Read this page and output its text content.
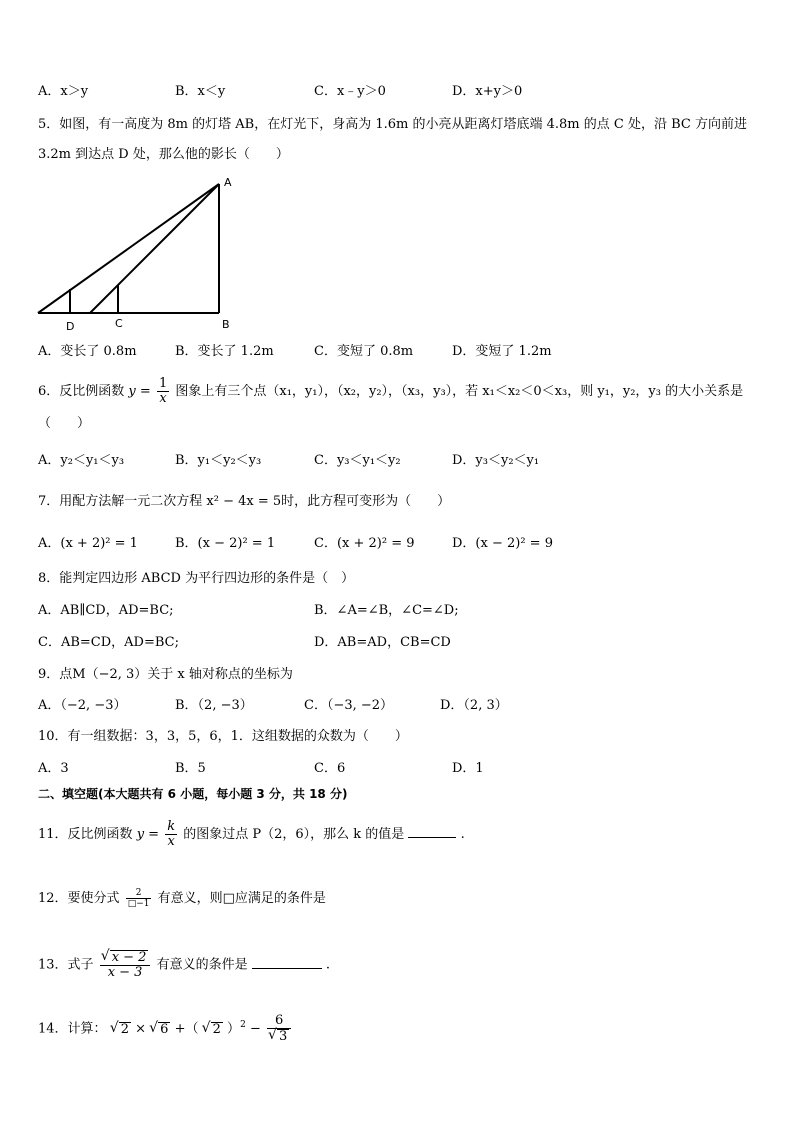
A．x＞y	B．x＜y	C．x﹣y＞0	D．x+y＞0
5．如图，有一高度为 8m 的灯塔 AB，在灯光下，身高为 1.6m 的小亮从距离灯塔底端 4.8m 的点 C 处，沿 BC 方向前进
3.2m 到达点 D 处，那么他的影长（　　）
A
B
C
D
A．变长了 0.8m	B．变长了 1.2m	C．变短了 0.8m	D．变短了 1.2m
6．反比例函数 $y = \frac{1}{x}$ 图象上有三个点（x₁，y₁），（x₂，y₂），（x₃，y₃），若 x₁＜x₂＜0＜x₃，则 y₁，y₂，y₃ 的大小关系是
（　　）
A．y₂＜y₁＜y₃	B．y₁＜y₂＜y₃	C．y₃＜y₁＜y₂	D．y₃＜y₂＜y₁
7．用配方法解一元二次方程 x² − 4x = 5时，此方程可变形为（　　）
A．(x + 2)² = 1	B．(x − 2)² = 1	C．(x + 2)² = 9	D．(x − 2)² = 9
8．能判定四边形 ABCD 为平行四边形的条件是（　）
A．AB∥CD，AD=BC;	B．∠A=∠B，∠C=∠D;
C．AB=CD，AD=BC;	D．AB=AD，CB=CD
9．点M（−2, 3）关于 x 轴对称点的坐标为
A．（−2, −3）	B．（2, −3）	C．（−3, −2）	D．（2, 3）
10．有一组数据：3，3，5，6，1．这组数据的众数为（　　）
A．3	B．5	C．6	D．1
二、填空题(本大题共有 6 小题，每小题 3 分，共 18 分)
11．反比例函数 $y = \frac{k}{x}$ 的图象过点 P（2，6），那么 k 的值是	.
12．要使分式 $\frac{2}{□-1}$ 有意义，则□应满足的条件是
13．式子 √ $\frac{x - 2}{x - 3}$ 有意义的条件是	.
14．计算： √ 2 × √ 6 +（ √ 2 ）$^2$ − 6
√ 3
